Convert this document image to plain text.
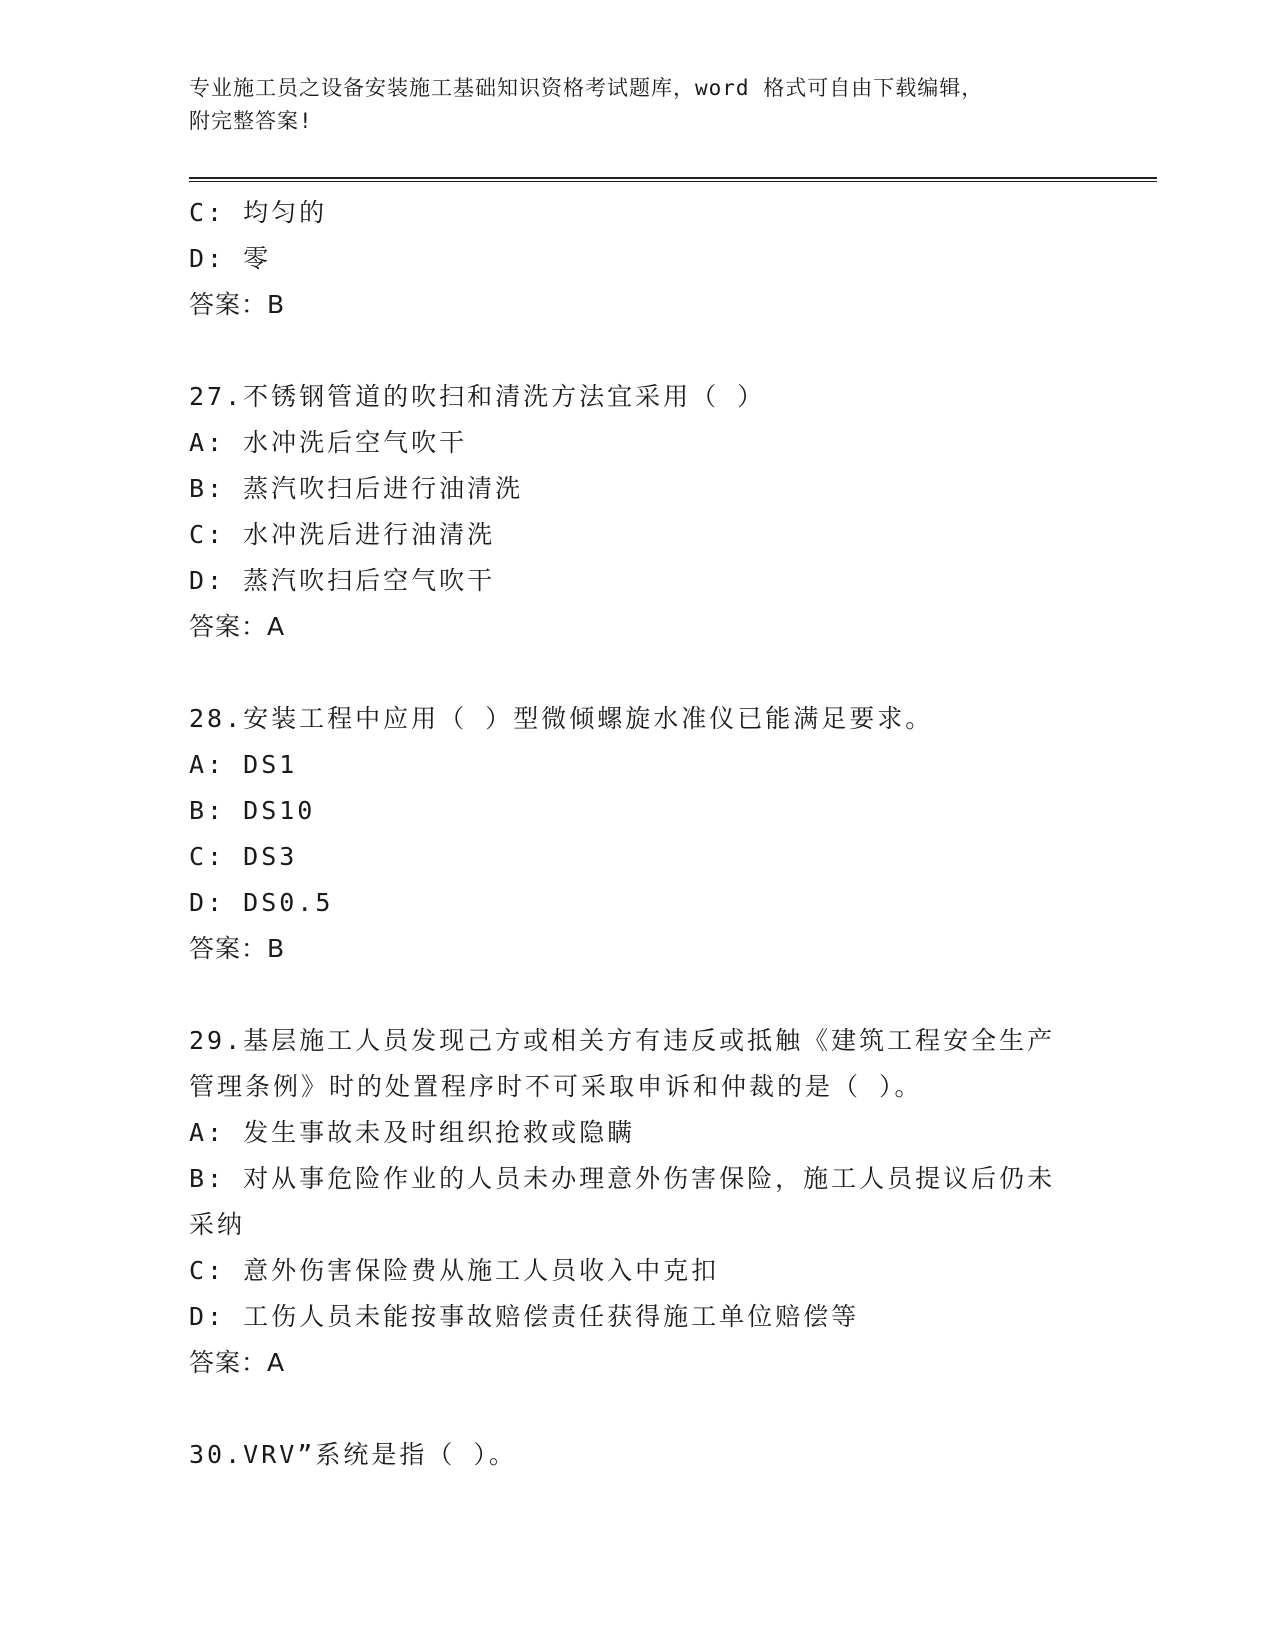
专业施工员之设备安装施工基础知识资格考试题库，word 格式可自由下载编辑，
附完整答案!
C: 均匀的
D: 零
答案：B
27.不锈钢管道的吹扫和清洗方法宜采用（ ）
A: 水冲洗后空气吹干
B: 蒸汽吹扫后进行油清洗
C: 水冲洗后进行油清洗
D: 蒸汽吹扫后空气吹干
答案：A
28.安装工程中应用（ ）型微倾螺旋水准仪已能满足要求。
A: DS1
B: DS10
C: DS3
D: DS0.5
答案：B
29.基层施工人员发现己方或相关方有违反或抵触《建筑工程安全生产
管理条例》时的处置程序时不可采取申诉和仲裁的是（ ）。
A: 发生事故未及时组织抢救或隐瞒
B: 对从事危险作业的人员未办理意外伤害保险，施工人员提议后仍未
采纳
C: 意外伤害保险费从施工人员收入中克扣
D: 工伤人员未能按事故赔偿责任获得施工单位赔偿等
答案：A
30.VRV”系统是指（ ）。
